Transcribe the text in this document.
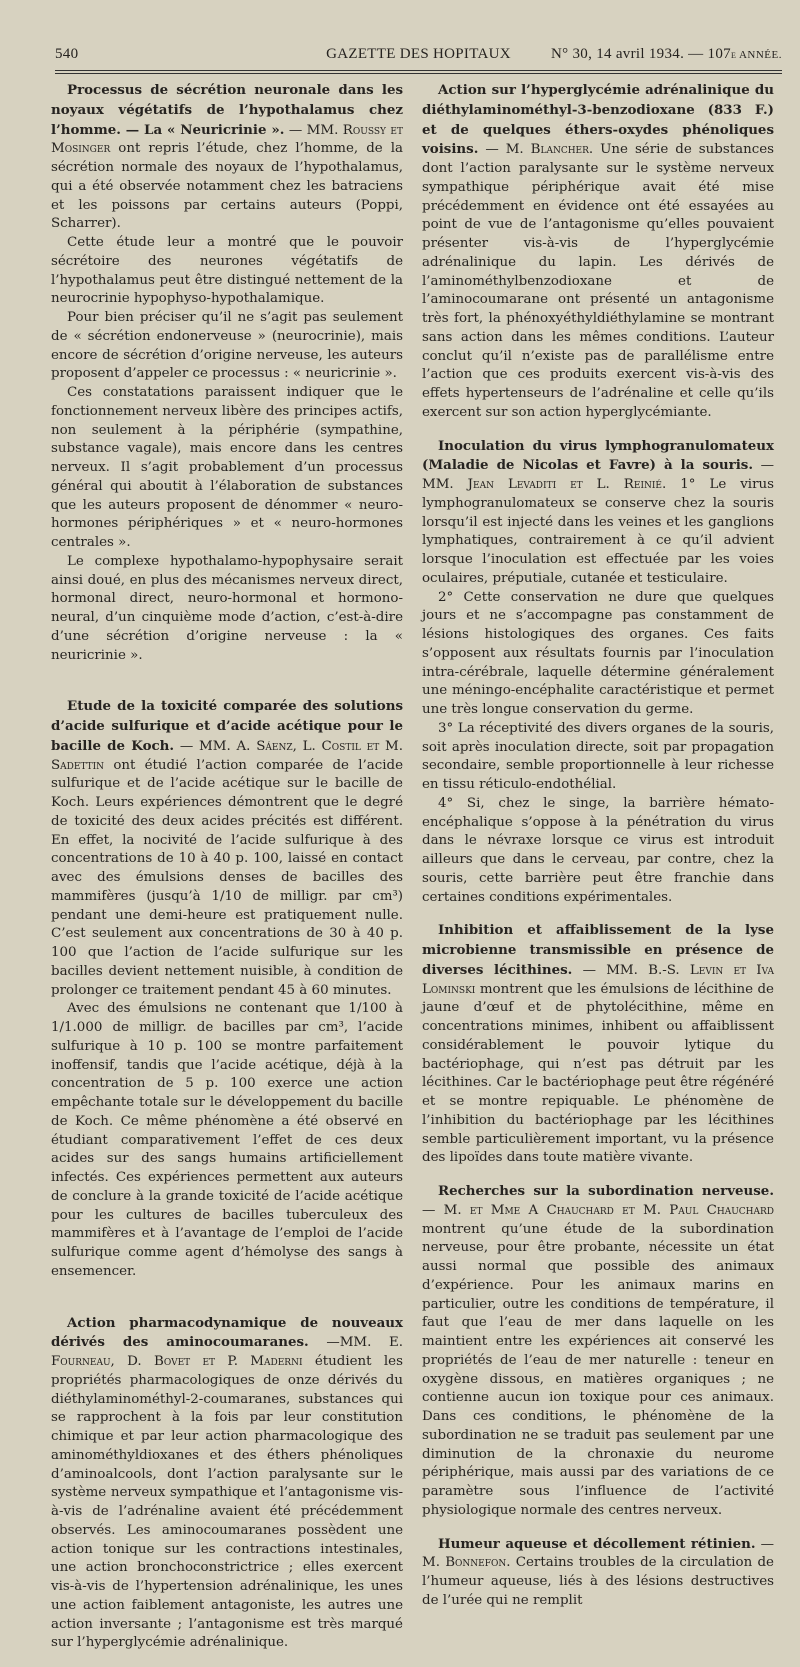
540	GAZETTE DES HOPITAUX	N° 30, 14 avril 1934. — 107e ANNÉE.

Processus de sécrétion neuronale dans les noyaux végétatifs de l’hypothalamus chez l’homme. — La « Neuricrinie ». — MM. Roussy et Mosinger ont repris l’étude, chez l’homme, de la sécrétion normale des noyaux de l’hypothalamus, qui a été observée notamment chez les batraciens et les poissons par certains auteurs (Poppi, Scharrer).

Cette étude leur a montré que le pouvoir sécrétoire des neurones végétatifs de l’hypothalamus peut être distingué nettement de la neurocrinie hypophyso-hypothalamique.

Pour bien préciser qu’il ne s’agit pas seulement de « sécrétion endonerveuse » (neurocrinie), mais encore de sécrétion d’origine nerveuse, les auteurs proposent d’appeler ce processus : « neuricrinie ».

Ces constatations paraissent indiquer que le fonctionnement nerveux libère des principes actifs, non seulement à la périphérie (sympathine, substance vagale), mais encore dans les centres nerveux. Il s’agit probablement d’un processus général qui aboutit à l’élaboration de substances que les auteurs proposent de dénommer « neuro-hormones périphériques » et « neuro-hormones centrales ».

Le complexe hypothalamo-hypophysaire serait ainsi doué, en plus des mécanismes nerveux direct, hormonal direct, neuro-hormonal et hormono-neural, d’un cinquième mode d’action, c’est-à-dire d’une sécrétion d’origine nerveuse : la « neuricrinie ».

Etude de la toxicité comparée des solutions d’acide sulfurique et d’acide acétique pour le bacille de Koch. — MM. A. Sáenz, L. Costil et M. Sadettin ont étudié l’action comparée de l’acide sulfurique et de l’acide acétique sur le bacille de Koch. Leurs expériences démontrent que le degré de toxicité des deux acides précités est différent. En effet, la nocivité de l’acide sulfurique à des concentrations de 10 à 40 p. 100, laissé en contact avec des émulsions denses de bacilles des mammifères (jusqu’à 1/10 de milligr. par cm³) pendant une demi-heure est pratiquement nulle. C’est seulement aux concentrations de 30 à 40 p. 100 que l’action de l’acide sulfurique sur les bacilles devient nettement nuisible, à condition de prolonger ce traitement pendant 45 à 60 minutes.

Avec des émulsions ne contenant que 1/100 à 1/1.000 de milligr. de bacilles par cm³, l’acide sulfurique à 10 p. 100 se montre parfaitement inoffensif, tandis que l’acide acétique, déjà à la concentration de 5 p. 100 exerce une action empêchante totale sur le développement du bacille de Koch. Ce même phénomène a été observé en étudiant comparativement l’effet de ces deux acides sur des sangs humains artificiellement infectés. Ces expériences permettent aux auteurs de conclure à la grande toxicité de l’acide acétique pour les cultures de bacilles tuberculeux des mammifères et à l’avantage de l’emploi de l’acide sulfurique comme agent d’hémolyse des sangs à ensemencer.

Action pharmacodynamique de nouveaux dérivés des aminocoumaranes. —MM. E. Fourneau, D. Bovet et P. Maderni étudient les propriétés pharmacologiques de onze dérivés du diéthylaminométhyl-2-coumaranes, substances qui se rapprochent à la fois par leur constitution chimique et par leur action pharmacologique des aminométhyldioxanes et des éthers phénoliques d’aminoalcools, dont l’action paralysante sur le système nerveux sympathique et l’antagonisme vis-à-vis de l’adrénaline avaient été précédemment observés. Les aminocoumaranes possèdent une action tonique sur les contractions intestinales, une action bronchoconstrictrice ; elles exercent vis-à-vis de l’hypertension adrénalinique, les unes une action faiblement antagoniste, les autres une action inversante ; l’antagonisme est très marqué sur l’hyperglycémie adrénalinique.

Action sur l’hyperglycémie adrénalinique du diéthylaminométhyl-3-benzodioxane (833 F.) et de quelques éthers-oxydes phénoliques voisins. — M. Blancher. Une série de substances dont l’action paralysante sur le système nerveux sympathique périphérique avait été mise précédemment en évidence ont été essayées au point de vue de l’antagonisme qu’elles pouvaient présenter vis-à-vis de l’hyperglycémie adrénalinique du lapin. Les dérivés de l’aminométhylbenzodioxane et de l’aminocoumarane ont présenté un antagonisme très fort, la phénoxyéthyldiéthylamine se montrant sans action dans les mêmes conditions. L’auteur conclut qu’il n’existe pas de parallélisme entre l’action que ces produits exercent vis-à-vis des effets hypertenseurs de l’adrénaline et celle qu’ils exercent sur son action hyperglycémiante.

Inoculation du virus lymphogranulomateux (Maladie de Nicolas et Favre) à la souris. — MM. Jean Levaditi et L. Reinié. 1° Le virus lymphogranulomateux se conserve chez la souris lorsqu’il est injecté dans les veines et les ganglions lymphatiques, contrairement à ce qu’il advient lorsque l’inoculation est effectuée par les voies oculaires, préputiale, cutanée et testiculaire.

2° Cette conservation ne dure que quelques jours et ne s’accompagne pas constamment de lésions histologiques des organes. Ces faits s’opposent aux résultats fournis par l’inoculation intra-cérébrale, laquelle détermine généralement une méningo-encéphalite caractéristique et permet une très longue conservation du germe.

3° La réceptivité des divers organes de la souris, soit après inoculation directe, soit par propagation secondaire, semble proportionnelle à leur richesse en tissu réticulo-endothélial.

4° Si, chez le singe, la barrière hémato-encéphalique s’oppose à la pénétration du virus dans le névraxe lorsque ce virus est introduit ailleurs que dans le cerveau, par contre, chez la souris, cette barrière peut être franchie dans certaines conditions expérimentales.

Inhibition et affaiblissement de la lyse microbienne transmissible en présence de diverses lécithines. — MM. B.-S. Levin et Iva Lominski montrent que les émulsions de lécithine de jaune d’œuf et de phytolécithine, même en concentrations minimes, inhibent ou affaiblissent considérablement le pouvoir lytique du bactériophage, qui n’est pas détruit par les lécithines. Car le bactériophage peut être régénéré et se montre repiquable. Le phénomène de l’inhibition du bactériophage par les lécithines semble particulièrement important, vu la présence des lipoïdes dans toute matière vivante.

Recherches sur la subordination nerveuse. — M. et Mme A Chauchard et M. Paul Chauchard montrent qu’une étude de la subordination nerveuse, pour être probante, nécessite un état aussi normal que possible des animaux d’expérience. Pour les animaux marins en particulier, outre les conditions de température, il faut que l’eau de mer dans laquelle on les maintient entre les expériences ait conservé les propriétés de l’eau de mer naturelle : teneur en oxygène dissous, en matières organiques ; ne contienne aucun ion toxique pour ces animaux. Dans ces conditions, le phénomène de la subordination ne se traduit pas seulement par une diminution de la chronaxie du neurome périphérique, mais aussi par des variations de ce paramètre sous l’influence de l’activité physiologique normale des centres nerveux.

Humeur aqueuse et décollement rétinien. — M. Bonnefon. Certains troubles de la circulation de l’humeur aqueuse, liés à des lésions destructives de l’urée qui ne remplit
